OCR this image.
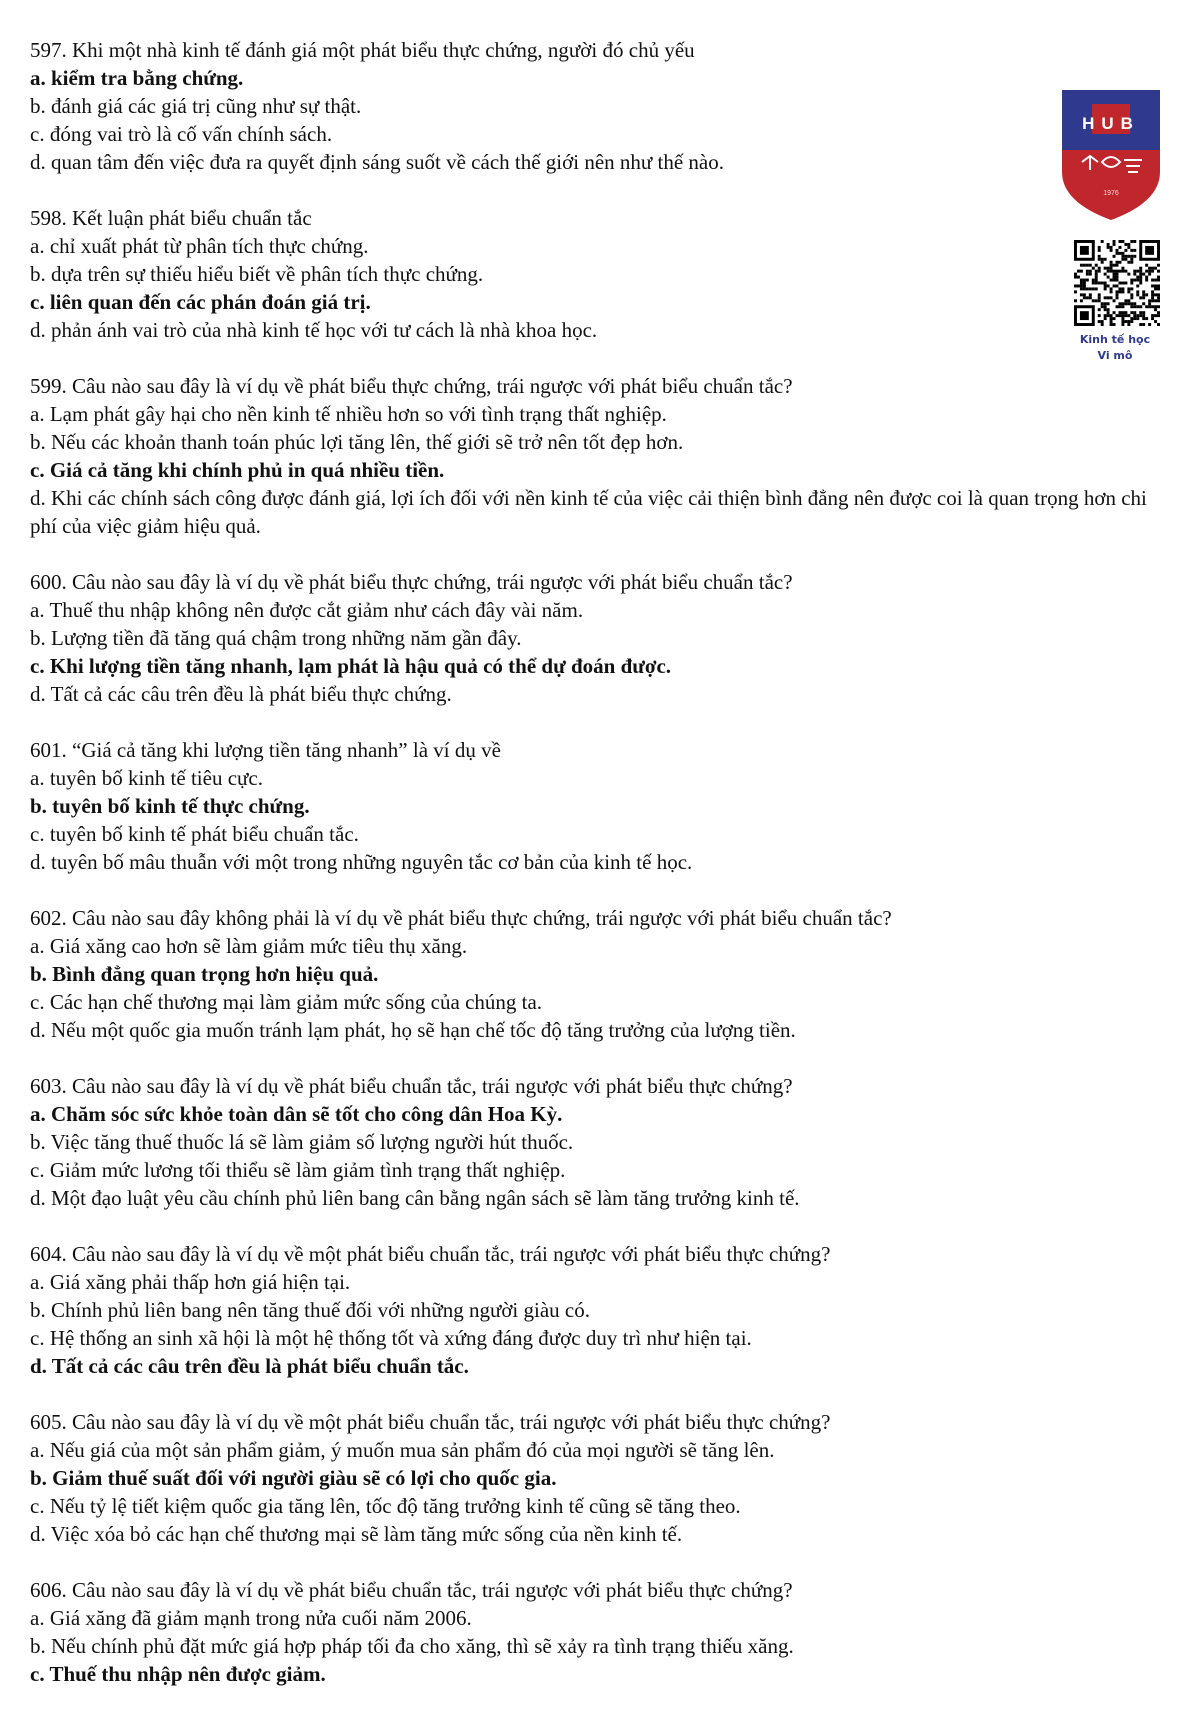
597. Khi một nhà kinh tế đánh giá một phát biểu thực chứng, người đó chủ yếu
a. kiểm tra bằng chứng.
b. đánh giá các giá trị cũng như sự thật.
c. đóng vai trò là cố vấn chính sách.
d. quan tâm đến việc đưa ra quyết định sáng suốt về cách thế giới nên như thế nào.
598. Kết luận phát biểu chuẩn tắc
a. chỉ xuất phát từ phân tích thực chứng.
b. dựa trên sự thiếu hiểu biết về phân tích thực chứng.
c. liên quan đến các phán đoán giá trị.
d. phản ánh vai trò của nhà kinh tế học với tư cách là nhà khoa học.
599. Câu nào sau đây là ví dụ về phát biểu thực chứng, trái ngược với phát biểu chuẩn tắc?
a. Lạm phát gây hại cho nền kinh tế nhiều hơn so với tình trạng thất nghiệp.
b. Nếu các khoản thanh toán phúc lợi tăng lên, thế giới sẽ trở nên tốt đẹp hơn.
c. Giá cả tăng khi chính phủ in quá nhiều tiền.
d. Khi các chính sách công được đánh giá, lợi ích đối với nền kinh tế của việc cải thiện bình đẳng nên được coi là quan trọng hơn chi phí của việc giảm hiệu quả.
600. Câu nào sau đây là ví dụ về phát biểu thực chứng, trái ngược với phát biểu chuẩn tắc?
a. Thuế thu nhập không nên được cắt giảm như cách đây vài năm.
b. Lượng tiền đã tăng quá chậm trong những năm gần đây.
c. Khi lượng tiền tăng nhanh, lạm phát là hậu quả có thể dự đoán được.
d. Tất cả các câu trên đều là phát biểu thực chứng.
601. “Giá cả tăng khi lượng tiền tăng nhanh” là ví dụ về
a. tuyên bố kinh tế tiêu cực.
b. tuyên bố kinh tế thực chứng.
c. tuyên bố kinh tế phát biểu chuẩn tắc.
d. tuyên bố mâu thuẫn với một trong những nguyên tắc cơ bản của kinh tế học.
602. Câu nào sau đây không phải là ví dụ về phát biểu thực chứng, trái ngược với phát biểu chuẩn tắc?
a. Giá xăng cao hơn sẽ làm giảm mức tiêu thụ xăng.
b. Bình đẳng quan trọng hơn hiệu quả.
c. Các hạn chế thương mại làm giảm mức sống của chúng ta.
d. Nếu một quốc gia muốn tránh lạm phát, họ sẽ hạn chế tốc độ tăng trưởng của lượng tiền.
603. Câu nào sau đây là ví dụ về phát biểu chuẩn tắc, trái ngược với phát biểu thực chứng?
a. Chăm sóc sức khỏe toàn dân sẽ tốt cho công dân Hoa Kỳ.
b. Việc tăng thuế thuốc lá sẽ làm giảm số lượng người hút thuốc.
c. Giảm mức lương tối thiểu sẽ làm giảm tình trạng thất nghiệp.
d. Một đạo luật yêu cầu chính phủ liên bang cân bằng ngân sách sẽ làm tăng trưởng kinh tế.
604. Câu nào sau đây là ví dụ về một phát biểu chuẩn tắc, trái ngược với phát biểu thực chứng?
a. Giá xăng phải thấp hơn giá hiện tại.
b. Chính phủ liên bang nên tăng thuế đối với những người giàu có.
c. Hệ thống an sinh xã hội là một hệ thống tốt và xứng đáng được duy trì như hiện tại.
d. Tất cả các câu trên đều là phát biểu chuẩn tắc.
605. Câu nào sau đây là ví dụ về một phát biểu chuẩn tắc, trái ngược với phát biểu thực chứng?
a. Nếu giá của một sản phẩm giảm, ý muốn mua sản phẩm đó của mọi người sẽ tăng lên.
b. Giảm thuế suất đối với người giàu sẽ có lợi cho quốc gia.
c. Nếu tỷ lệ tiết kiệm quốc gia tăng lên, tốc độ tăng trưởng kinh tế cũng sẽ tăng theo.
d. Việc xóa bỏ các hạn chế thương mại sẽ làm tăng mức sống của nền kinh tế.
606. Câu nào sau đây là ví dụ về phát biểu chuẩn tắc, trái ngược với phát biểu thực chứng?
a. Giá xăng đã giảm mạnh trong nửa cuối năm 2006.
b. Nếu chính phủ đặt mức giá hợp pháp tối đa cho xăng, thì sẽ xảy ra tình trạng thiếu xăng.
c. Thuế thu nhập nên được giảm.
HUB
1976
Kinh tế học
Vi mô
